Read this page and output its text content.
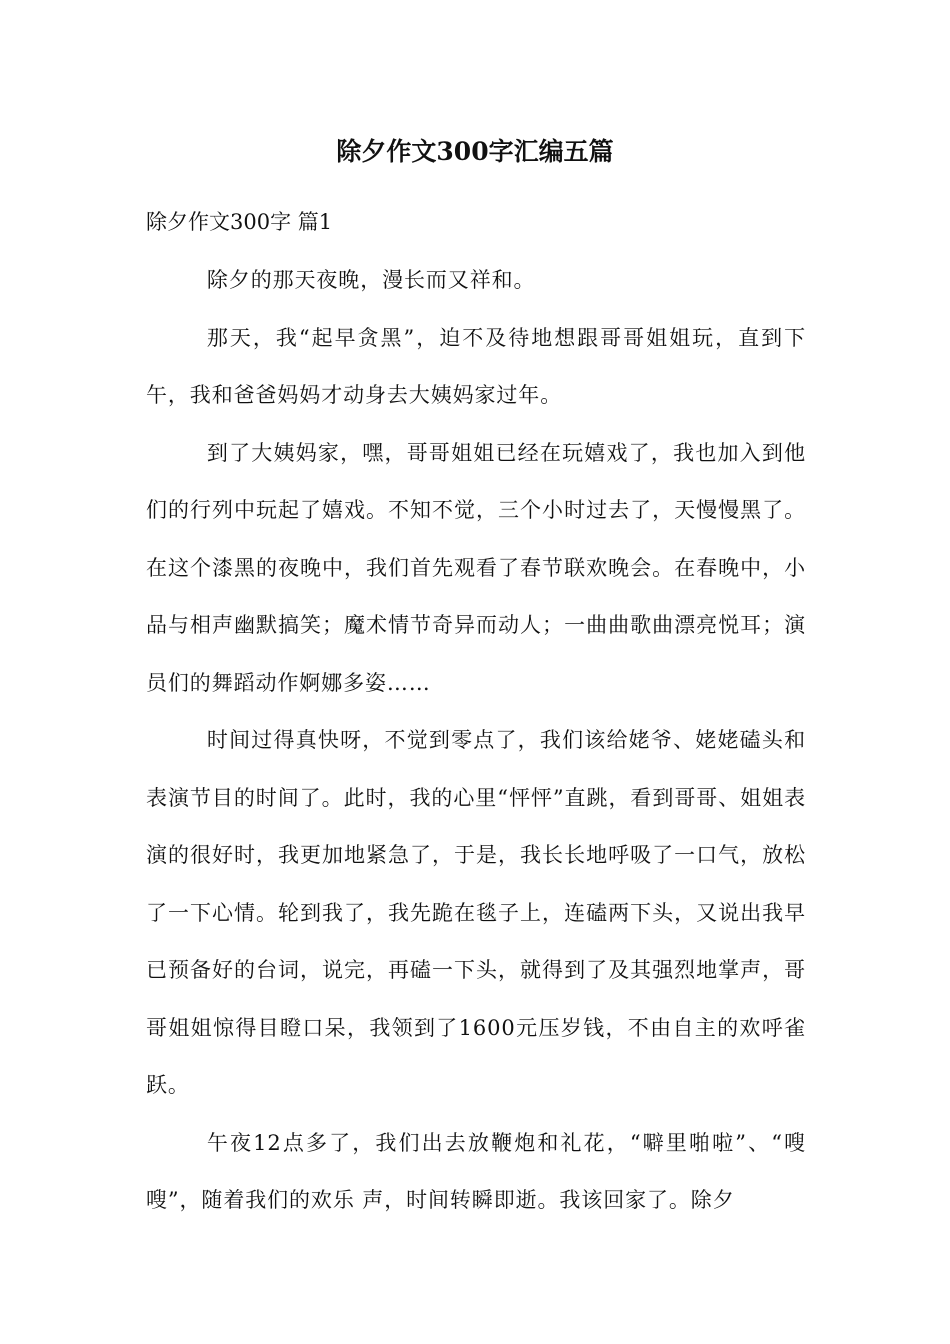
除夕作文300字汇编五篇
除夕作文300字 篇1

除夕的那天夜晚，漫长而又祥和。

那天，我“起早贪黑”，迫不及待地想跟哥哥姐姐玩，直到下午，我和爸爸妈妈才动身去大姨妈家过年。

到了大姨妈家，嘿，哥哥姐姐已经在玩嬉戏了，我也加入到他们的行列中玩起了嬉戏。不知不觉，三个小时过去了，天慢慢黑了。在这个漆黑的夜晚中，我们首先观看了春节联欢晚会。在春晚中，小品与相声幽默搞笑；魔术情节奇异而动人；一曲曲歌曲漂亮悦耳；演员们的舞蹈动作婀娜多姿……

时间过得真快呀，不觉到零点了，我们该给姥爷、姥姥磕头和表演节目的时间了。此时，我的心里“怦怦”直跳，看到哥哥、姐姐表演的很好时，我更加地紧急了，于是，我长长地呼吸了一口气，放松了一下心情。轮到我了，我先跪在毯子上，连磕两下头，又说出我早已预备好的台词，说完，再磕一下头，就得到了及其强烈地掌声，哥哥姐姐惊得目瞪口呆，我领到了1600元压岁钱，不由自主的欢呼雀跃。

午夜12点多了，我们出去放鞭炮和礼花，“噼里啪啦”、“嗖嗖”，随着我们的欢乐 声，时间转瞬即逝。我该回家了。除夕
